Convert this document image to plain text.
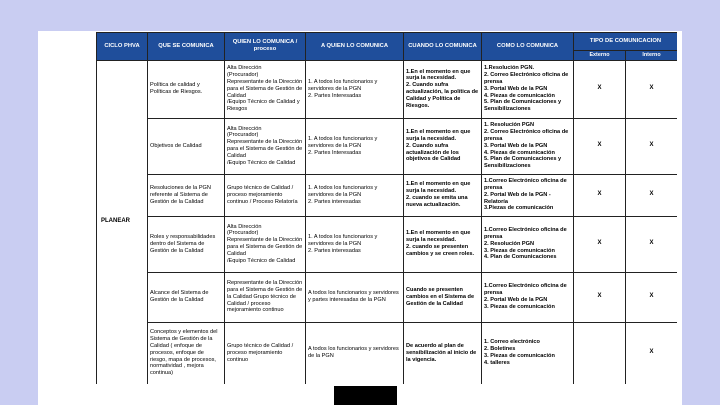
CICLO PHVA	QUE SE COMUNICA	QUIEN LO COMUNICA / proceso	A QUIEN LO COMUNICA	CUANDO LO COMUNICA	COMO LO COMUNICA	TIPO DE COMUNICACION	
						Externo	Interno
PLANEAR	Política de calidad y Políticas de Riesgos.	Alta Dirección
(Procurador)
Representante de la Dirección para el Sistema de Gestión de Calidad
/Equipo Técnico de Calidad y Riesgos	1. A todos los funcionarios y servidores de la PGN
2. Partes Interesadas	1.En el momento en que surja la necesidad.
2. Cuando sufra actualización, la política de Calidad y Política de Riesgos.	1.Resolución PGN.
2. Correo Electrónico oficina de prensa
3. Portal Web de la PGN
4. Piezas de comunicación
5. Plan de Comunicaciones y Sensibilizaciones	X	X
	Objetivos de Calidad	Alta Dirección
(Procurador)
Representante de la Dirección para el Sistema de Gestión de Calidad
/Equipo Técnico de Calidad	1. A todos los funcionarios y servidores de la PGN
2. Partes Interesadas	1.En el momento en que surja la necesidad.
2. Cuando sufra actualización de los objetivos de Calidad	1. Resolución PGN
2. Correo Electrónico oficina de prensa
3. Portal Web de la PGN
4. Piezas de comunicación
5. Plan de Comunicaciones y Sensibilizaciones	X	X
	Resoluciones de la PGN referente al Sistema de Gestión de la Calidad	Grupo técnico de Calidad / proceso mejoramiento continuo / Proceso Relatoría	1. A todos los funcionarios y servidores de la PGN
2. Partes interesadas	1.En el momento en que surja la necesidad.
2. cuando se emita una nueva actualización.	1.Correo Electrónico oficina de prensa
2. Portal Web de la PGN - Relatoría
3.Piezas de comunicación	X	X
	Roles y responsabilidades dentro del Sistema de Gestión de la Calidad	Alta Dirección
(Procurador)
Representante de la Dirección para el Sistema de Gestión de Calidad
/Equipo Técnico de Calidad	1. A todos los funcionarios y servidores de la PGN
2. Partes interesadas	1.En el momento en que surja la necesidad.
2. cuando se presenten cambios y se creen roles.	1.Correo Electrónico oficina de prensa
2. Resolución PGN
3. Piezas de comunicación
4. Plan de Comunicaciones	X	X
	Alcance del Sistema de Gestión de la Calidad	Representante de la Dirección para el Sistema de Gestión de la Calidad Grupo técnico de Calidad / proceso mejoramiento continuo	A todos los funcionarios y servidores y partes interesadas de la PGN	Cuando se presenten cambios en el Sistema de Gestión de la Calidad	1.Correo Electrónico oficina de prensa
2. Portal Web de la PGN
3. Piezas de comunicación	X	X
	Conceptos y elementos del Sistema de Gestión de la Calidad ( enfoque de procesos, enfoque de riesgo, mapa de procesos, normatividad , mejora continua)	Grupo técnico de Calidad / proceso mejoramiento continuo	A todos los funcionarios y servidores de la PGN	De acuerdo al plan de sensibilización al inicio de la vigencia.	1. Correo electrónico
2. Boletines
3. Piezas de comunicación
4. talleres		X
